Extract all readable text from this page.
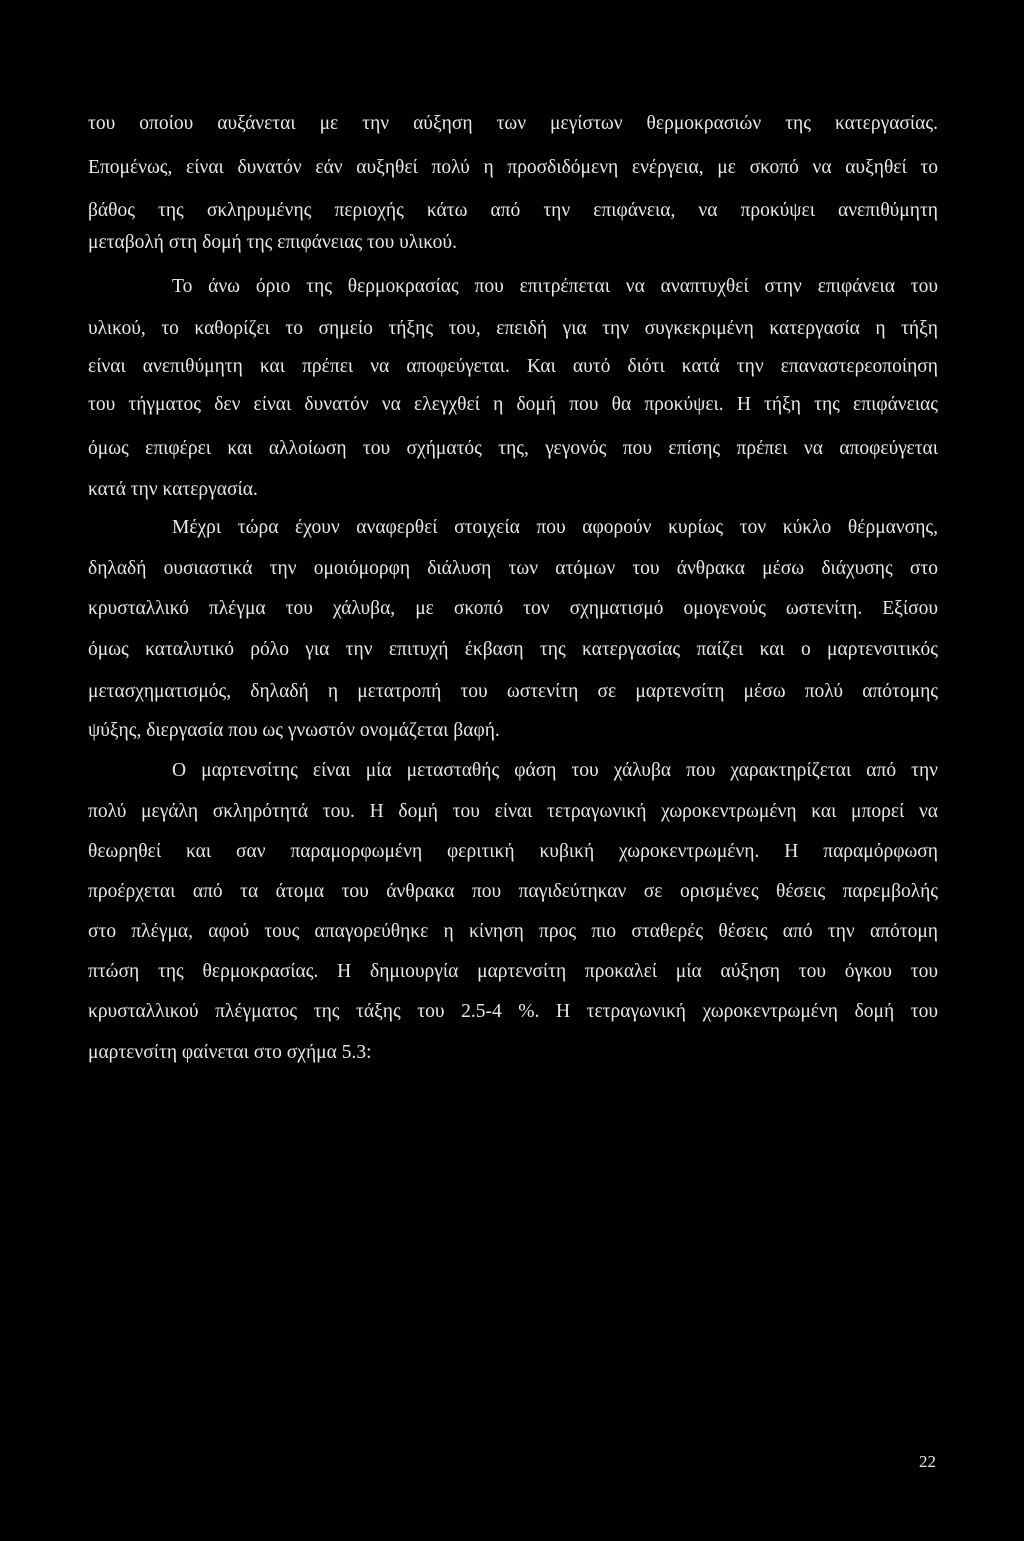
του οποίου αυξάνεται με την αύξηση των μεγίστων θερμοκρασιών της κατεργασίας.
Επομένως, είναι δυνατόν εάν αυξηθεί πολύ η προσδιδόμενη ενέργεια, με σκοπό να αυξηθεί το
βάθος της σκληρυμένης περιοχής κάτω από την επιφάνεια, να προκύψει ανεπιθύμητη
μεταβολή στη δομή της επιφάνειας του υλικού.
Το άνω όριο της θερμοκρασίας που επιτρέπεται να αναπτυχθεί στην επιφάνεια του
υλικού, το καθορίζει το σημείο τήξης του, επειδή για την συγκεκριμένη κατεργασία η τήξη
είναι ανεπιθύμητη και πρέπει να αποφεύγεται. Και αυτό διότι κατά την επαναστερεοποίηση
του τήγματος δεν είναι δυνατόν να ελεγχθεί η δομή που θα προκύψει. Η τήξη της επιφάνειας
όμως επιφέρει και αλλοίωση του σχήματός της, γεγονός που επίσης πρέπει να αποφεύγεται
κατά την κατεργασία.
Μέχρι τώρα έχουν αναφερθεί στοιχεία που αφορούν κυρίως τον κύκλο θέρμανσης,
δηλαδή ουσιαστικά την ομοιόμορφη διάλυση των ατόμων του άνθρακα μέσω διάχυσης στο
κρυσταλλικό πλέγμα του χάλυβα, με σκοπό τον σχηματισμό ομογενούς ωστενίτη. Εξίσου
όμως καταλυτικό ρόλο για την επιτυχή έκβαση της κατεργασίας παίζει και ο μαρτενσιτικός
μετασχηματισμός, δηλαδή η μετατροπή του ωστενίτη σε μαρτενσίτη μέσω πολύ απότομης
ψύξης, διεργασία που ως γνωστόν ονομάζεται βαφή.
Ο μαρτενσίτης είναι μία μετασταθής φάση του χάλυβα που χαρακτηρίζεται από την
πολύ μεγάλη σκληρότητά του. Η δομή του είναι τετραγωνική χωροκεντρωμένη και μπορεί να
θεωρηθεί και σαν παραμορφωμένη φεριτική κυβική χωροκεντρωμένη. Η παραμόρφωση
προέρχεται από τα άτομα του άνθρακα που παγιδεύτηκαν σε ορισμένες θέσεις παρεμβολής
στο πλέγμα, αφού τους απαγορεύθηκε η κίνηση προς πιο σταθερές θέσεις από την απότομη
πτώση της θερμοκρασίας. Η δημιουργία μαρτενσίτη προκαλεί μία αύξηση του όγκου του
κρυσταλλικού πλέγματος της τάξης του 2.5-4 %. Η τετραγωνική χωροκεντρωμένη δομή του
μαρτενσίτη φαίνεται στο σχήμα 5.3:
22
